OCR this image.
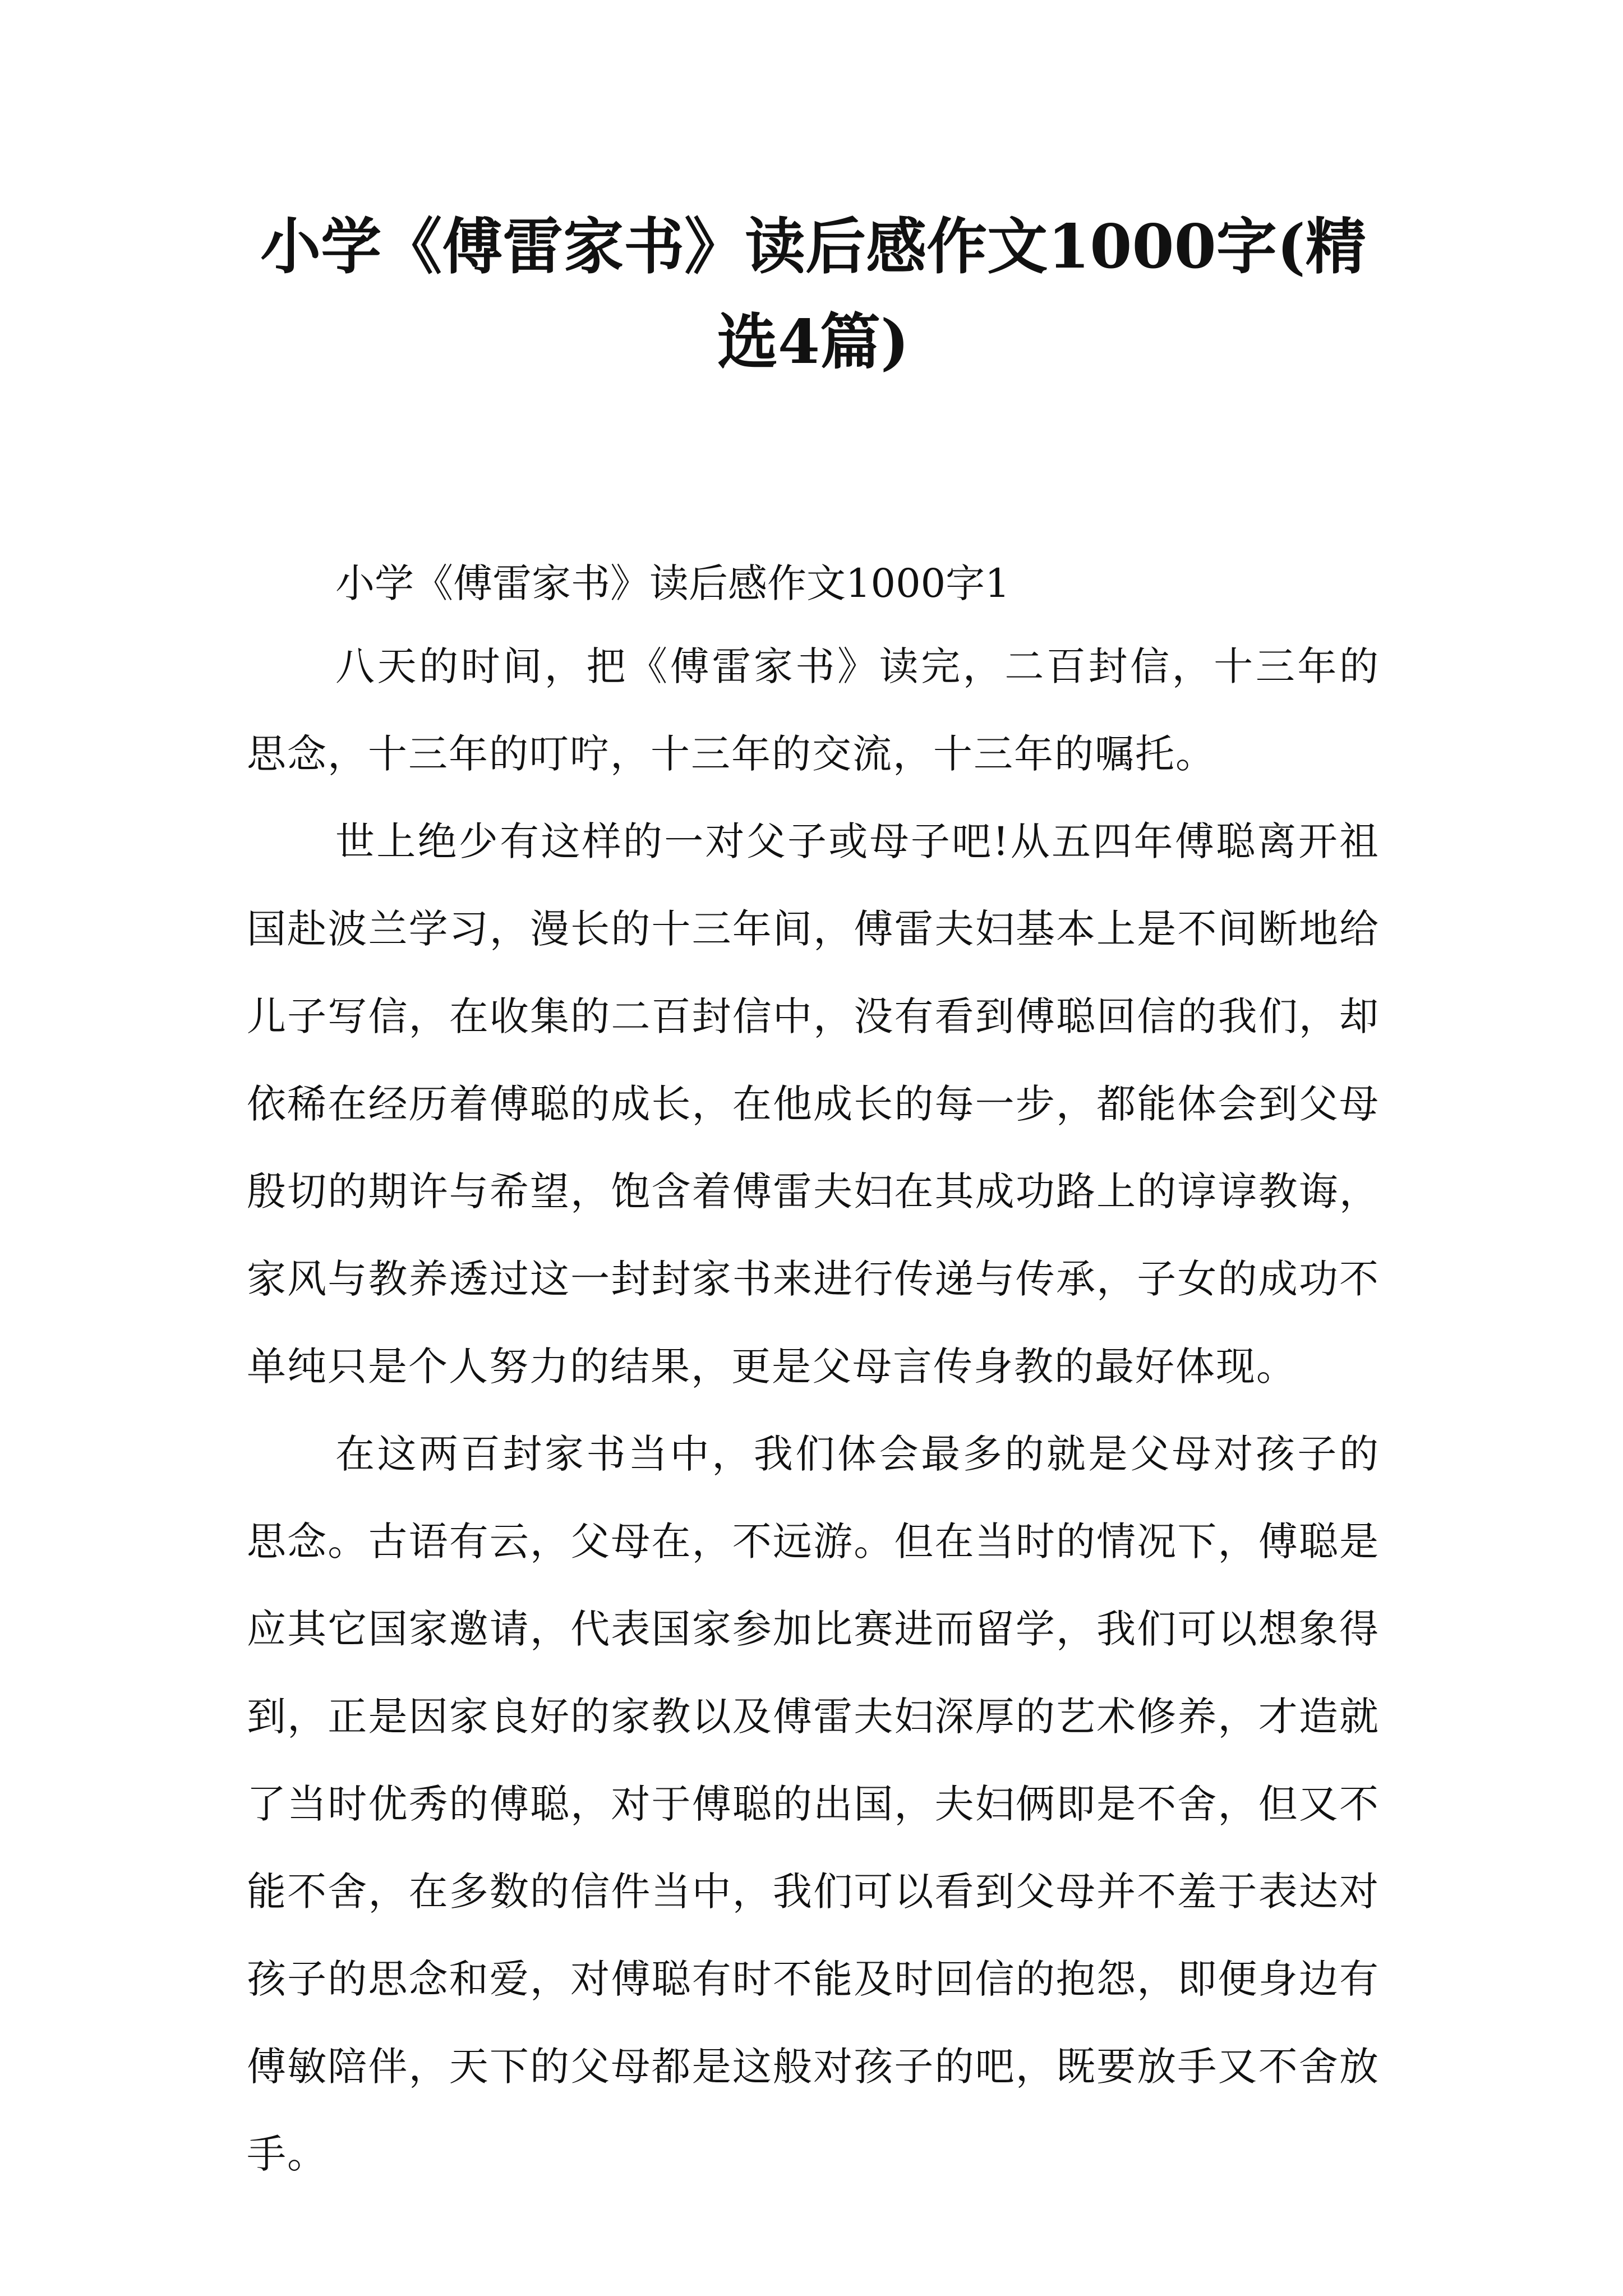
小学《傅雷家书》读后感作文1000字(精选4篇)
小学《傅雷家书》读后感作文1000字1

八天的时间，把《傅雷家书》读完，二百封信，十三年的思念，十三年的叮咛，十三年的交流，十三年的嘱托。

世上绝少有这样的一对父子或母子吧!从五四年傅聪离开祖国赴波兰学习，漫长的十三年间，傅雷夫妇基本上是不间断地给儿子写信，在收集的二百封信中，没有看到傅聪回信的我们，却依稀在经历着傅聪的成长，在他成长的每一步，都能体会到父母殷切的期许与希望，饱含着傅雷夫妇在其成功路上的谆谆教诲，家风与教养透过这一封封家书来进行传递与传承，子女的成功不单纯只是个人努力的结果，更是父母言传身教的最好体现。

在这两百封家书当中，我们体会最多的就是父母对孩子的思念。古语有云，父母在，不远游。但在当时的情况下，傅聪是应其它国家邀请，代表国家参加比赛进而留学，我们可以想象得到，正是因家良好的家教以及傅雷夫妇深厚的艺术修养，才造就了当时优秀的傅聪，对于傅聪的出国，夫妇俩即是不舍，但又不能不舍，在多数的信件当中，我们可以看到父母并不羞于表达对孩子的思念和爱，对傅聪有时不能及时回信的抱怨，即便身边有傅敏陪伴，天下的父母都是这般对孩子的吧，既要放手又不舍放手。
